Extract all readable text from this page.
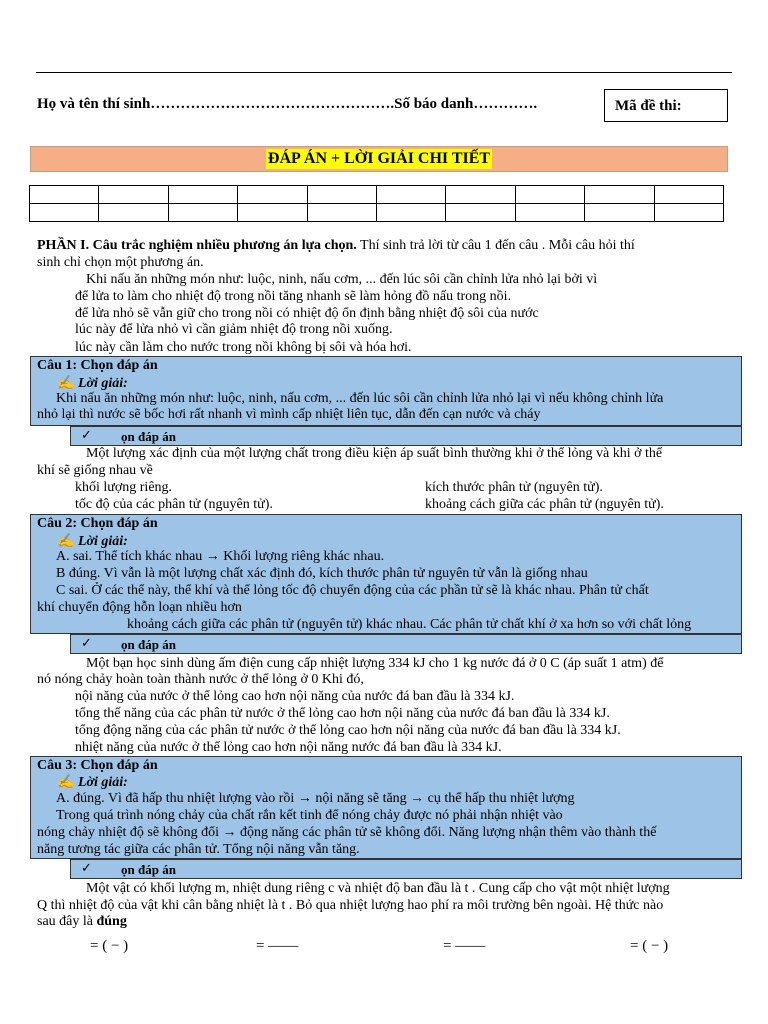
Họ và tên thí sinh………………………………………….Số báo danh………….	Mã đề thi:
ĐÁP ÁN + LỜI GIẢI CHI TIẾT

PHẦN I. Câu trắc nghiệm nhiều phương án lựa chọn. Thí sinh trả lời từ câu 1 đến câu . Mỗi câu hỏi thí
sinh chỉ chọn một phương án.
Khi nấu ăn những món như: luộc, ninh, nấu cơm, ... đến lúc sôi cần chỉnh lửa nhỏ lại bởi vì
để lửa to làm cho nhiệt độ trong nồi tăng nhanh sẽ làm hỏng đồ nấu trong nồi.
để lửa nhỏ sẽ vẫn giữ cho trong nồi có nhiệt độ ổn định bằng nhiệt độ sôi của nước
lúc này để lửa nhỏ vì cần giảm nhiệt độ trong nồi xuống.
lúc này cần làm cho nước trong nồi không bị sôi và hóa hơi.
Câu 1: Chọn đáp án
✍ Lời giải:
Khi nấu ăn những món như: luộc, ninh, nấu cơm, ... đến lúc sôi cần chỉnh lửa nhỏ lại vì nếu không chỉnh lửa
nhỏ lại thì nước sẽ bốc hơi rất nhanh vì mình cấp nhiệt liên tục, dẫn đến cạn nước và cháy
✓ ọn đáp án
Một lượng xác định của một lượng chất trong điều kiện áp suất bình thường khi ở thể lỏng và khi ở thể
khí sẽ giống nhau về
khối lượng riêng.	kích thước phân tử (nguyên tử).
tốc độ của các phân tử (nguyên tử).	khoảng cách giữa các phân tử (nguyên tử).
Câu 2: Chọn đáp án
✍ Lời giải:
A. sai. Thể tích khác nhau → Khối lượng riêng khác nhau.
B đúng. Vì vẫn là một lượng chất xác định đó, kích thước phân tử nguyên tử vẫn là giống nhau
C sai. Ở các thể này, thể khí và thể lỏng tốc độ chuyển động của các phần tử sẽ là khác nhau. Phân tử chất
khí chuyển động hỗn loạn nhiều hơn
khoảng cách giữa các phân tử (nguyên tử) khác nhau. Các phân tử chất khí ở xa hơn so với chất lỏng
✓ ọn đáp án
Một bạn học sinh dùng ấm điện cung cấp nhiệt lượng 334 kJ cho 1 kg nước đá ở 0 C (áp suất 1 atm) để
nó nóng chảy hoàn toàn thành nước ở thể lỏng ở 0 Khi đó,
nội năng của nước ở thể lỏng cao hơn nội năng của nước đá ban đầu là 334 kJ.
tổng thế năng của các phân tử nước ở thể lỏng cao hơn nội năng của nước đá ban đầu là 334 kJ.
tổng động năng của các phân tử nước ở thể lỏng cao hơn nội năng của nước đá ban đầu là 334 kJ.
nhiệt năng của nước ở thể lỏng cao hơn nội năng nước đá ban đầu là 334 kJ.
Câu 3: Chọn đáp án
✍ Lời giải:
A. đúng. Vì đã hấp thu nhiệt lượng vào rồi → nội năng sẽ tăng → cụ thể hấp thu nhiệt lượng
Trong quá trình nóng chảy của chất rắn kết tinh để nóng chảy được nó phải nhận nhiệt vào
nóng chảy nhiệt độ sẽ không đổi → động năng các phân tử sẽ không đổi. Năng lượng nhận thêm vào thành thế
năng tương tác giữa các phân tử. Tổng nội năng vẫn tăng.
✓ ọn đáp án
Một vật có khối lượng m, nhiệt dung riêng c và nhiệt độ ban đầu là t . Cung cấp cho vật một nhiệt lượng
Q thì nhiệt độ của vật khi cân bằng nhiệt là t . Bỏ qua nhiệt lượng hao phí ra môi trường bên ngoài. Hệ thức nào
sau đây là đúng
= ( − )	= ——	= ——	= ( − )
